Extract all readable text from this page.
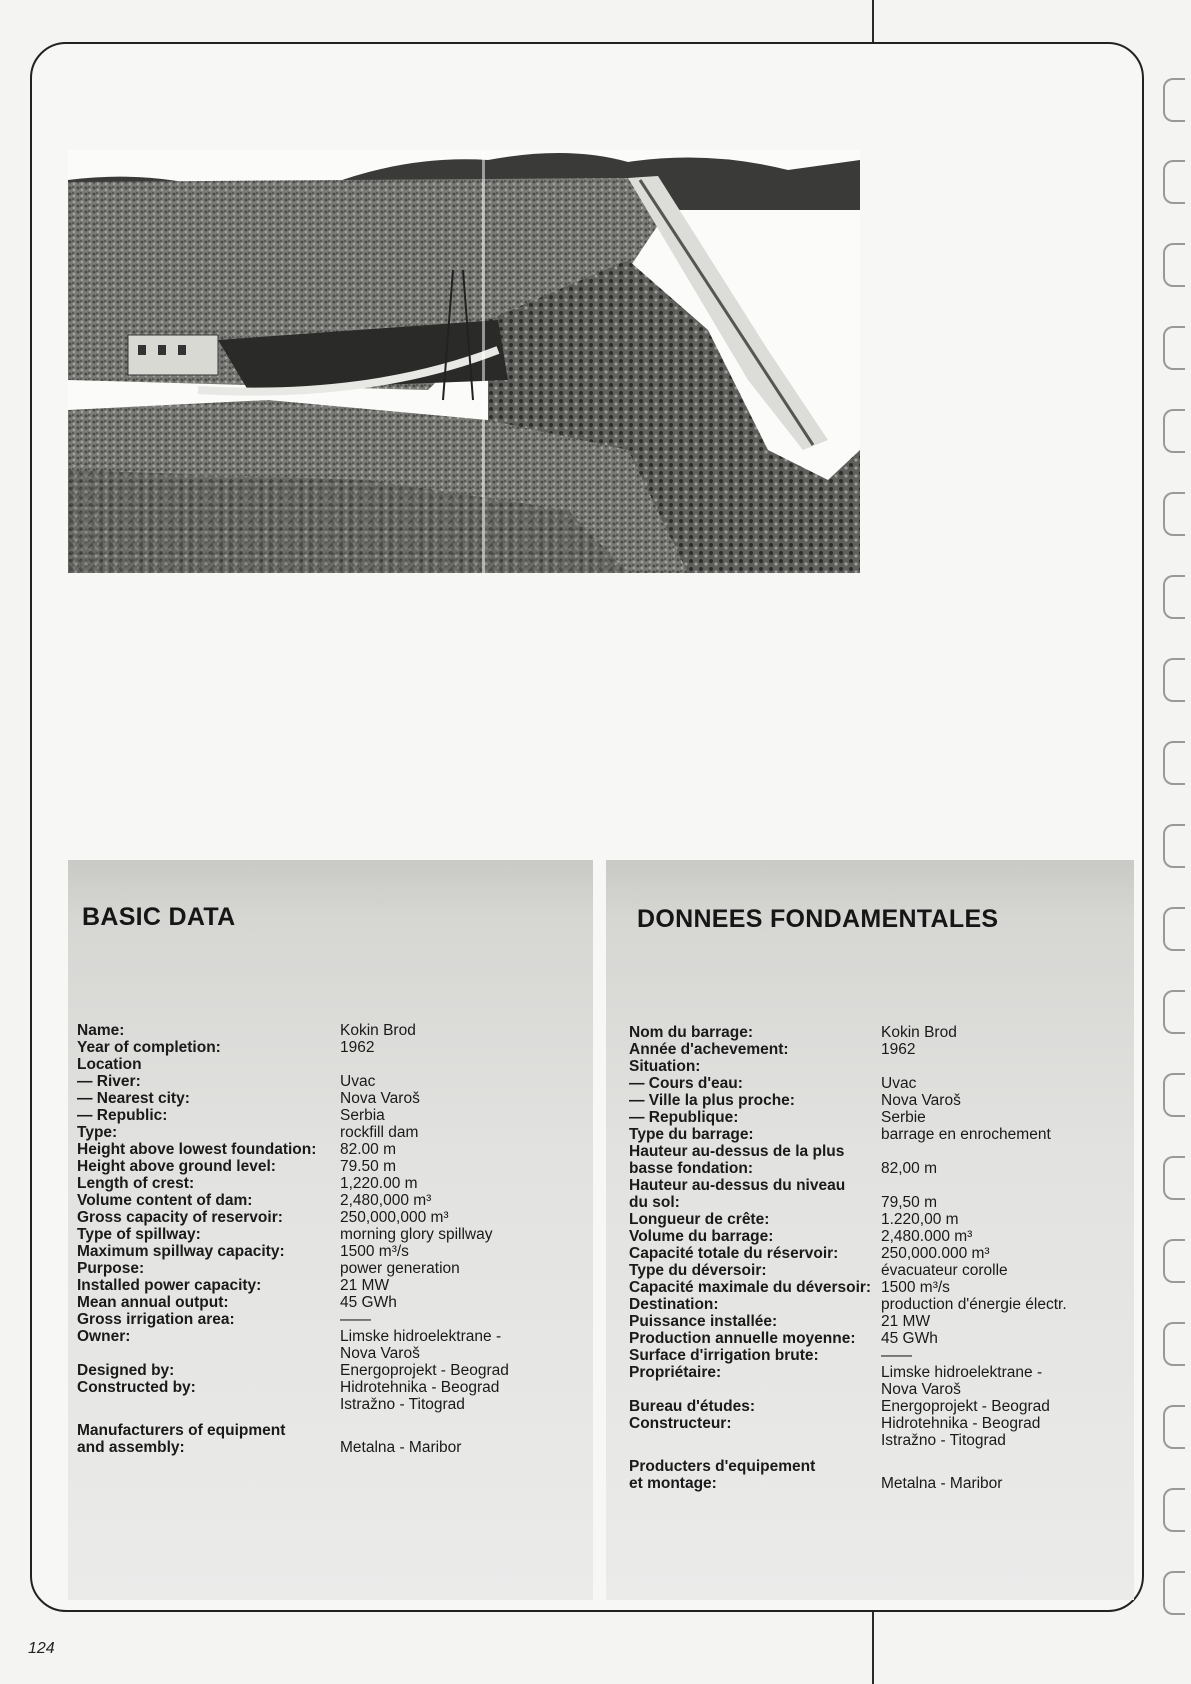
BASIC DATA
Name:	Kokin Brod
Year of completion:	1962
Location
— River:	Uvac
— Nearest city:	Nova Varoš
— Republic:	Serbia
Type:	rockfill dam
Height above lowest foundation: 82.00 m
Height above ground level:	79.50 m
Length of crest:	1,220.00 m
Volume content of dam:	2,480,000 m³
Gross capacity of reservoir:	250,000,000 m³
Type of spillway:	morning glory spillway
Maximum spillway capacity:	1500 m³/s
Purpose:	power generation
Installed power capacity:	21 MW
Mean annual output:	45 GWh
Gross irrigation area:	——
Owner:	Limske hidroelektrane -
Nova Varoš
Designed by:	Energoprojekt - Beograd
Constructed by:	Hidrotehnika - Beograd
Istražno - Titograd
Manufacturers of equipment
and assembly:	Metalna - Maribor
DONNEES FONDAMENTALES
Nom du barrage:	Kokin Brod
Année d'achevement:	1962
Situation:
— Cours d'eau:	Uvac
— Ville la plus proche:	Nova Varoš
— Republique:	Serbie
Type du barrage:	barrage en enrochement
Hauteur au-dessus de la plus
basse fondation:	82,00 m
Hauteur au-dessus du niveau
du sol:	79,50 m
Longueur de crête:	1.220,00 m
Volume du barrage:	2,480.000 m³
Capacité totale du réservoir:	250,000.000 m³
Type du déversoir:	évacuateur corolle
Capacité maximale du déversoir: 1500 m³/s
Destination:	production d'énergie électr.
Puissance installée:	21 MW
Production annuelle moyenne: 45 GWh
Surface d'irrigation brute:	——
Propriétaire:	Limske hidroelektrane -
Nova Varoš
Bureau d'études:	Energoprojekt - Beograd
Constructeur:	Hidrotehnika - Beograd
Istražno - Titograd
Producters d'equipement
et montage:	Metalna - Maribor
124
